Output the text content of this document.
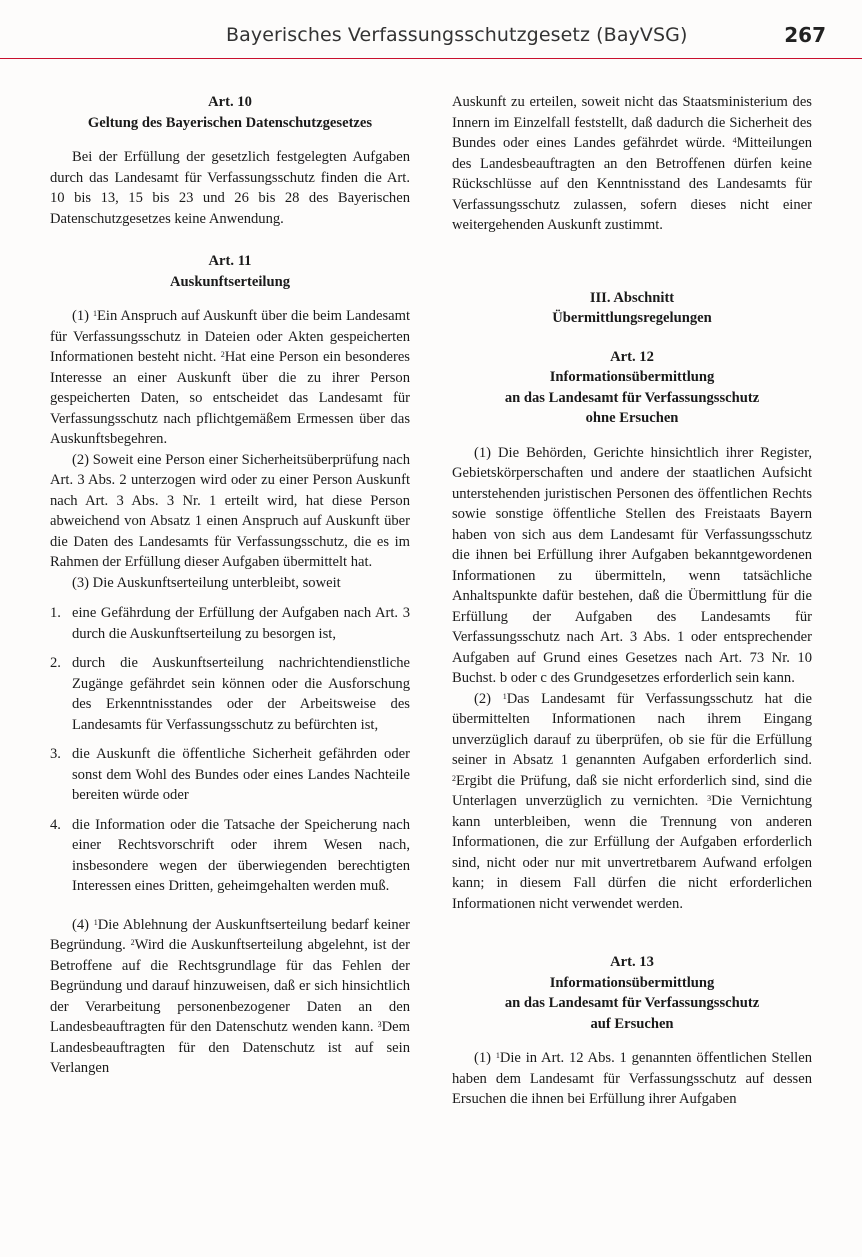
Bayerisches Verfassungsschutzgesetz (BayVSG)	267
Art. 10
Geltung des Bayerischen Datenschutzgesetzes

Bei der Erfüllung der gesetzlich festgelegten Aufgaben durch das Landesamt für Verfassungsschutz finden die Art. 10 bis 13, 15 bis 23 und 26 bis 28 des Bayerischen Datenschutzgesetzes keine Anwendung.

Art. 11
Auskunftserteilung

(1) $^1$Ein Anspruch auf Auskunft über die beim Landesamt für Verfassungsschutz in Dateien oder Akten gespeicherten Informationen besteht nicht. $^2$Hat eine Person ein besonderes Interesse an einer Auskunft über die zu ihrer Person gespeicherten Daten, so entscheidet das Landesamt für Verfassungsschutz nach pflichtgemäßem Ermessen über das Auskunftsbegehren.

(2) Soweit eine Person einer Sicherheitsüberprüfung nach Art. 3 Abs. 2 unterzogen wird oder zu einer Person Auskunft nach Art. 3 Abs. 3 Nr. 1 erteilt wird, hat diese Person abweichend von Absatz 1 einen Anspruch auf Auskunft über die Daten des Landesamts für Verfassungsschutz, die es im Rahmen der Erfüllung dieser Aufgaben übermittelt hat.

(3) Die Auskunftserteilung unterbleibt, soweit

1. eine Gefährdung der Erfüllung der Aufgaben nach Art. 3 durch die Auskunftserteilung zu besorgen ist,
2. durch die Auskunftserteilung nachrichtendienstliche Zugänge gefährdet sein können oder die Ausforschung des Erkenntnisstandes oder der Arbeitsweise des Landesamts für Verfassungsschutz zu befürchten ist,
3. die Auskunft die öffentliche Sicherheit gefährden oder sonst dem Wohl des Bundes oder eines Landes Nachteile bereiten würde oder
4. die Information oder die Tatsache der Speicherung nach einer Rechtsvorschrift oder ihrem Wesen nach, insbesondere wegen der überwiegenden berechtigten Interessen eines Dritten, geheimgehalten werden muß.

(4) $^1$Die Ablehnung der Auskunftserteilung bedarf keiner Begründung. $^2$Wird die Auskunftserteilung abgelehnt, ist der Betroffene auf die Rechtsgrundlage für das Fehlen der Begründung und darauf hinzuweisen, daß er sich hinsichtlich der Verarbeitung personenbezogener Daten an den Landesbeauftragten für den Datenschutz wenden kann. $^3$Dem Landesbeauftragten für den Datenschutz ist auf sein Verlangen

Auskunft zu erteilen, soweit nicht das Staatsministerium des Innern im Einzelfall feststellt, daß dadurch die Sicherheit des Bundes oder eines Landes gefährdet würde. $^4$Mitteilungen des Landesbeauftragten an den Betroffenen dürfen keine Rückschlüsse auf den Kenntnisstand des Landesamts für Verfassungsschutz zulassen, sofern dieses nicht einer weitergehenden Auskunft zustimmt.

III. Abschnitt
Übermittlungsregelungen
Art. 12
Informationsübermittlung
an das Landesamt für Verfassungsschutz
ohne Ersuchen

(1) Die Behörden, Gerichte hinsichtlich ihrer Register, Gebietskörperschaften und andere der staatlichen Aufsicht unterstehenden juristischen Personen des öffentlichen Rechts sowie sonstige öffentliche Stellen des Freistaats Bayern haben von sich aus dem Landesamt für Verfassungsschutz die ihnen bei Erfüllung ihrer Aufgaben bekanntgewordenen Informationen zu übermitteln, wenn tatsächliche Anhaltspunkte dafür bestehen, daß die Übermittlung für die Erfüllung der Aufgaben des Landesamts für Verfassungsschutz nach Art. 3 Abs. 1 oder entsprechender Aufgaben auf Grund eines Gesetzes nach Art. 73 Nr. 10 Buchst. b oder c des Grundgesetzes erforderlich sein kann.

(2) $^1$Das Landesamt für Verfassungsschutz hat die übermittelten Informationen nach ihrem Eingang unverzüglich darauf zu überprüfen, ob sie für die Erfüllung seiner in Absatz 1 genannten Aufgaben erforderlich sind. $^2$Ergibt die Prüfung, daß sie nicht erforderlich sind, sind die Unterlagen unverzüglich zu vernichten. $^3$Die Vernichtung kann unterbleiben, wenn die Trennung von anderen Informationen, die zur Erfüllung der Aufgaben erforderlich sind, nicht oder nur mit unvertretbarem Aufwand erfolgen kann; in diesem Fall dürfen die nicht erforderlichen Informationen nicht verwendet werden.

Art. 13
Informationsübermittlung
an das Landesamt für Verfassungsschutz
auf Ersuchen

(1) $^1$Die in Art. 12 Abs. 1 genannten öffentlichen Stellen haben dem Landesamt für Verfassungsschutz auf dessen Ersuchen die ihnen bei Erfüllung ihrer Aufgaben
